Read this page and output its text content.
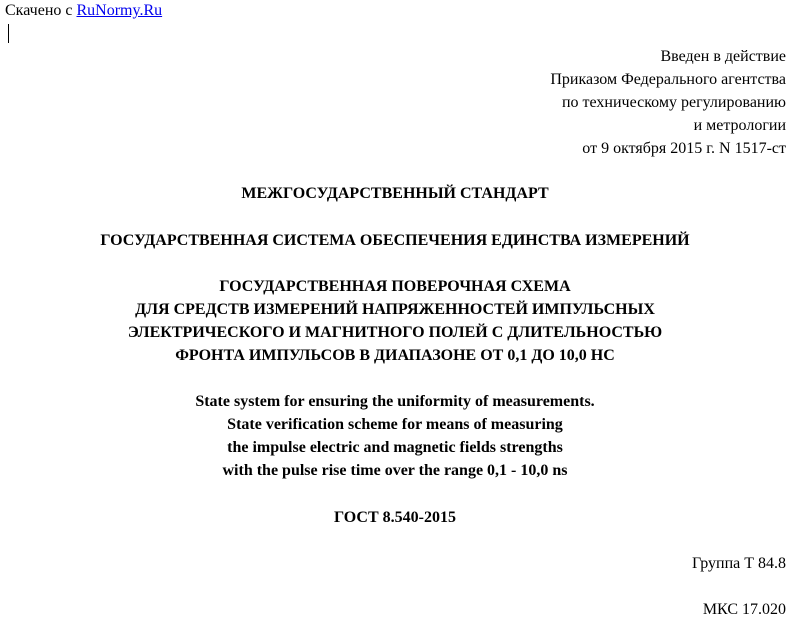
Скачено с RuNormy.Ru
Введен в действие
Приказом Федерального агентства
по техническому регулированию
и метрологии
от 9 октября 2015 г. N 1517-ст
МЕЖГОСУДАРСТВЕННЫЙ СТАНДАРТ
ГОСУДАРСТВЕННАЯ СИСТЕМА ОБЕСПЕЧЕНИЯ ЕДИНСТВА ИЗМЕРЕНИЙ
ГОСУДАРСТВЕННАЯ ПОВЕРОЧНАЯ СХЕМА
ДЛЯ СРЕДСТВ ИЗМЕРЕНИЙ НАПРЯЖЕННОСТЕЙ ИМПУЛЬСНЫХ
ЭЛЕКТРИЧЕСКОГО И МАГНИТНОГО ПОЛЕЙ С ДЛИТЕЛЬНОСТЬЮ
ФРОНТА ИМПУЛЬСОВ В ДИАПАЗОНЕ ОТ 0,1 ДО 10,0 НС
State system for ensuring the uniformity of measurements.
State verification scheme for means of measuring
the impulse electric and magnetic fields strengths
with the pulse rise time over the range 0,1 - 10,0 ns
ГОСТ 8.540-2015
Группа Т 84.8
МКС 17.020
